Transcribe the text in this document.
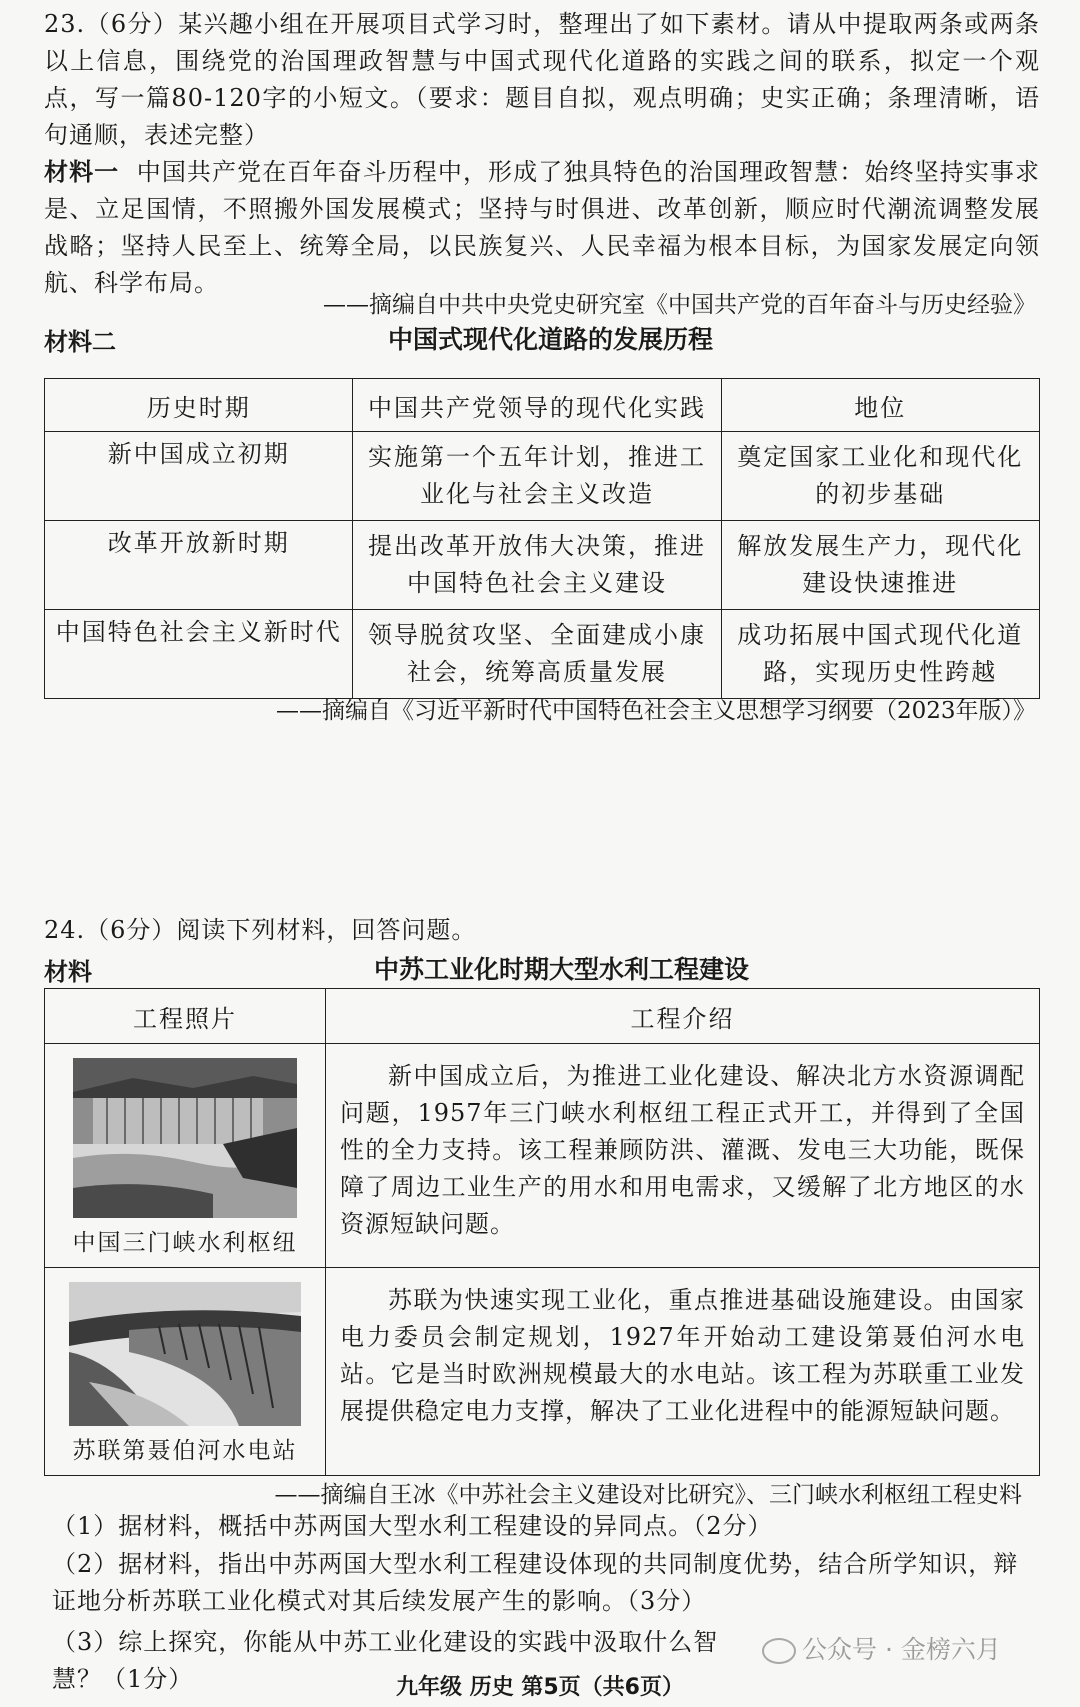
23.（6分）某兴趣小组在开展项目式学习时，整理出了如下素材。请从中提取两条或两条以上信息，围绕党的治国理政智慧与中国式现代化道路的实践之间的联系，拟定一个观点，写一篇80-120字的小短文。（要求：题目自拟，观点明确；史实正确；条理清晰，语句通顺，表述完整）

材料一 中国共产党在百年奋斗历程中，形成了独具特色的治国理政智慧：始终坚持实事求是、立足国情，不照搬外国发展模式；坚持与时俱进、改革创新，顺应时代潮流调整发展战略；坚持人民至上、统筹全局，以民族复兴、人民幸福为根本目标，为国家发展定向领航、科学布局。

——摘编自中共中央党史研究室《中国共产党的百年奋斗与历史经验》
材料二	中国式现代化道路的发展历程
历史时期	中国共产党领导的现代化实践	地位
新中国成立初期	实施第一个五年计划，推进工业化与社会主义改造	奠定国家工业化和现代化的初步基础
改革开放新时期	提出改革开放伟大决策，推进中国特色社会主义建设	解放发展生产力，现代化建设快速推进
中国特色社会主义新时代	领导脱贫攻坚、全面建成小康社会，统筹高质量发展	成功拓展中国式现代化道路，实现历史性跨越
——摘编自《习近平新时代中国特色社会主义思想学习纲要（2023年版）》

24.（6分）阅读下列材料，回答问题。

材料	中苏工业化时期大型水利工程建设
工程照片	工程介绍

中国三门峡水利枢纽	新中国成立后，为推进工业化建设、解决北方水资源调配问题，1957年三门峡水利枢纽工程正式开工，并得到了全国性的全力支持。该工程兼顾防洪、灌溉、发电三大功能，既保障了周边工业生产的用水和用电需求，又缓解了北方地区的水资源短缺问题。

苏联第聂伯河水电站	苏联为快速实现工业化，重点推进基础设施建设。由国家电力委员会制定规划，1927年开始动工建设第聂伯河水电站。它是当时欧洲规模最大的水电站。该工程为苏联重工业发展提供稳定电力支撑，解决了工业化进程中的能源短缺问题。

——摘编自王冰《中苏社会主义建设对比研究》、三门峡水利枢纽工程史料
（1）据材料，概括中苏两国大型水利工程建设的异同点。（2分）
（2）据材料，指出中苏两国大型水利工程建设体现的共同制度优势，结合所学知识，辩证地分析苏联工业化模式对其后续发展产生的影响。（3分）
（3）综上探究，你能从中苏工业化建设的实践中汲取什么智慧？（1分）
公众号 · 金榜六月
九年级 历史 第5页（共6页）
